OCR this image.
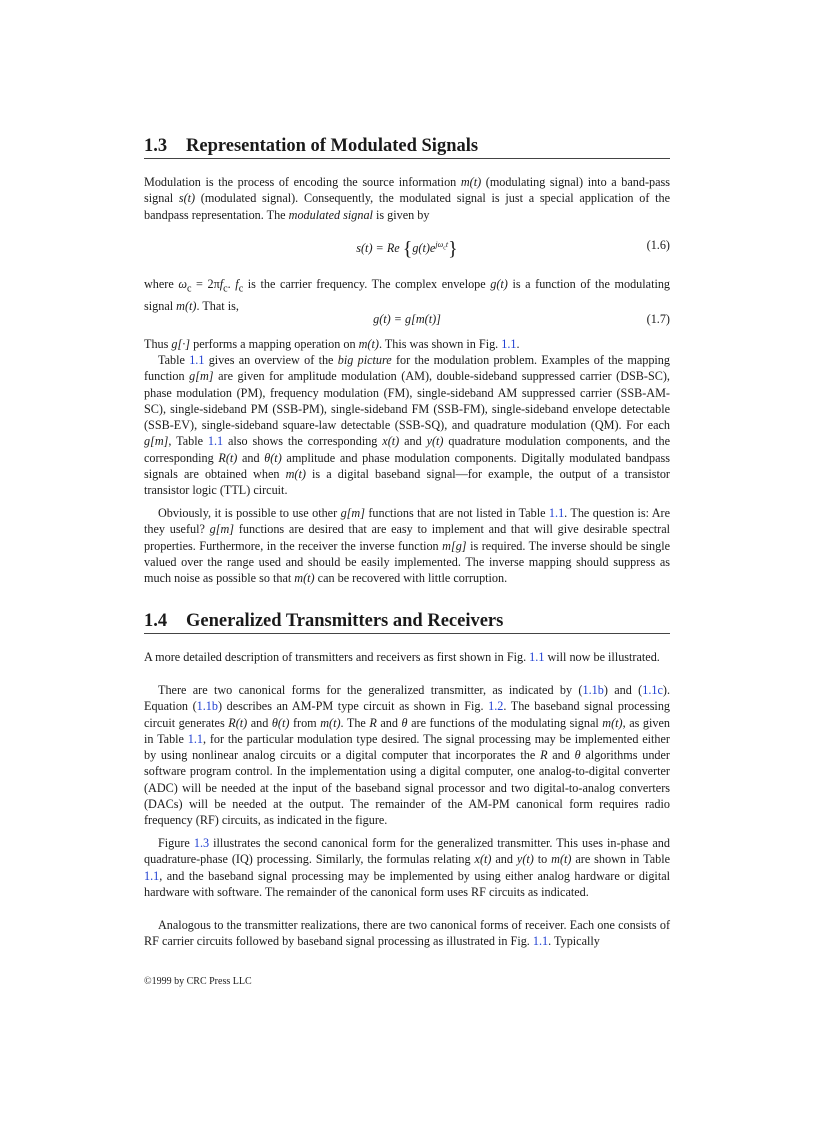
1.3 Representation of Modulated Signals

Modulation is the process of encoding the source information m(t) (modulating signal) into a band-pass signal s(t) (modulated signal). Consequently, the modulated signal is just a special application of the bandpass representation. The modulated signal is given by

s(t) = Re $\{g(t)e^{j\omega_ct}\}$	(1.6)

where $\omega_c = 2\pi f_c$. $f_c$ is the carrier frequency. The complex envelope g(t) is a function of the modulating signal m(t). That is,

g(t) = g[m(t)]	(1.7)

Thus g[·] performs a mapping operation on m(t). This was shown in Fig. 1.1.

Table 1.1 gives an overview of the big picture for the modulation problem. Examples of the mapping function g[m] are given for amplitude modulation (AM), double-sideband suppressed carrier (DSB-SC), phase modulation (PM), frequency modulation (FM), single-sideband AM suppressed carrier (SSB-AM-SC), single-sideband PM (SSB-PM), single-sideband FM (SSB-FM), single-sideband envelope detectable (SSB-EV), single-sideband square-law detectable (SSB-SQ), and quadrature modulation (QM). For each g[m], Table 1.1 also shows the corresponding x(t) and y(t) quadrature modulation components, and the corresponding R(t) and θ(t) amplitude and phase modulation components. Digitally modulated bandpass signals are obtained when m(t) is a digital baseband signal—for example, the output of a transistor transistor logic (TTL) circuit.

Obviously, it is possible to use other g[m] functions that are not listed in Table 1.1. The question is: Are they useful? g[m] functions are desired that are easy to implement and that will give desirable spectral properties. Furthermore, in the receiver the inverse function m[g] is required. The inverse should be single valued over the range used and should be easily implemented. The inverse mapping should suppress as much noise as possible so that m(t) can be recovered with little corruption.

1.4 Generalized Transmitters and Receivers

A more detailed description of transmitters and receivers as first shown in Fig. 1.1 will now be illustrated.

There are two canonical forms for the generalized transmitter, as indicated by (1.1b) and (1.1c). Equation (1.1b) describes an AM-PM type circuit as shown in Fig. 1.2. The baseband signal processing circuit generates R(t) and θ(t) from m(t). The R and θ are functions of the modulating signal m(t), as given in Table 1.1, for the particular modulation type desired. The signal processing may be implemented either by using nonlinear analog circuits or a digital computer that incorporates the R and θ algorithms under software program control. In the implementation using a digital computer, one analog-to-digital converter (ADC) will be needed at the input of the baseband signal processor and two digital-to-analog converters (DACs) will be needed at the output. The remainder of the AM-PM canonical form requires radio frequency (RF) circuits, as indicated in the figure.

Figure 1.3 illustrates the second canonical form for the generalized transmitter. This uses in-phase and quadrature-phase (IQ) processing. Similarly, the formulas relating x(t) and y(t) to m(t) are shown in Table 1.1, and the baseband signal processing may be implemented by using either analog hardware or digital hardware with software. The remainder of the canonical form uses RF circuits as indicated.

Analogous to the transmitter realizations, there are two canonical forms of receiver. Each one consists of RF carrier circuits followed by baseband signal processing as illustrated in Fig. 1.1. Typically

©1999 by CRC Press LLC
